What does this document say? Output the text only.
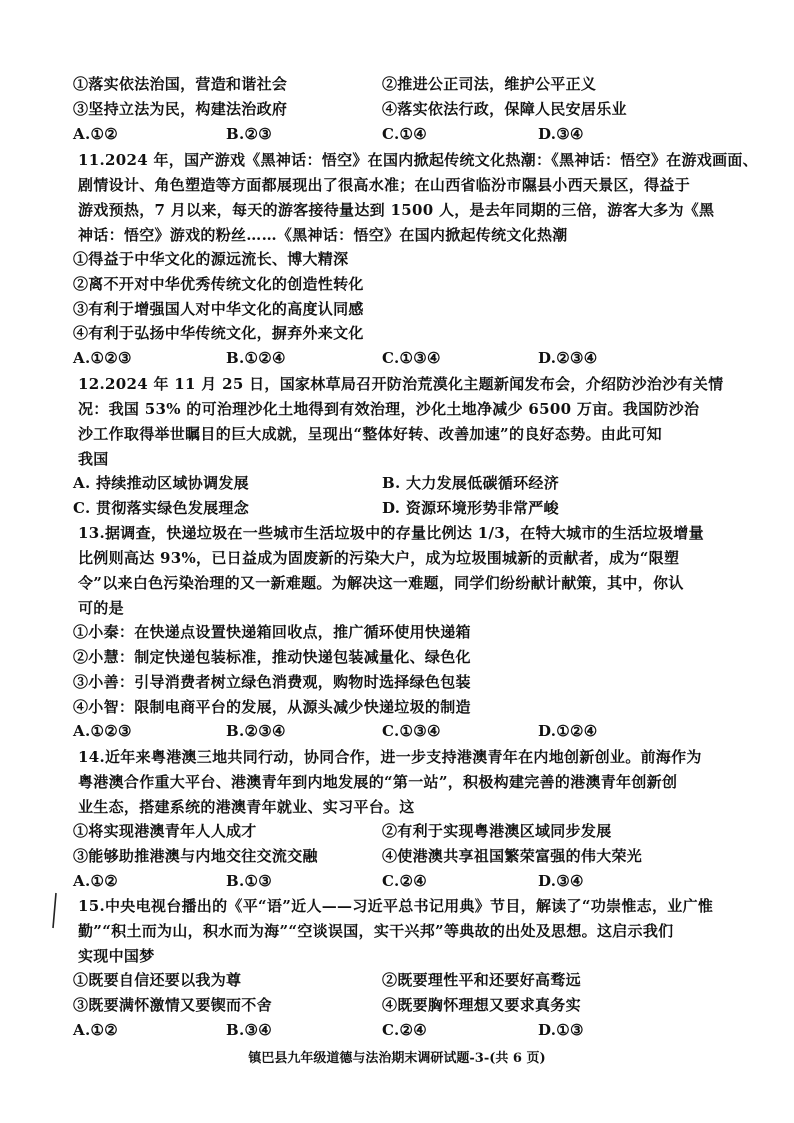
①落实依法治国，营造和谐社会	②推进公正司法，维护公平正义
③坚持立法为民，构建法治政府	④落实依法行政，保障人民安居乐业
A.①②	B.②③	C.①④	D.③④
11.2024 年，国产游戏《黑神话：悟空》在国内掀起传统文化热潮：《黑神话：悟空》在游戏画面、
剧情设计、角色塑造等方面都展现出了很高水准；在山西省临汾市隰县小西天景区，得益于
游戏预热，7 月以来，每天的游客接待量达到 1500 人，是去年同期的三倍，游客大多为《黑
神话：悟空》游戏的粉丝……《黑神话：悟空》在国内掀起传统文化热潮
①得益于中华文化的源远流长、博大精深
②离不开对中华优秀传统文化的创造性转化
③有利于增强国人对中华文化的高度认同感
④有利于弘扬中华传统文化，摒弃外来文化
A.①②③	B.①②④	C.①③④	D.②③④
12.2024 年 11 月 25 日，国家林草局召开防治荒漠化主题新闻发布会，介绍防沙治沙有关情
况：我国 53% 的可治理沙化土地得到有效治理，沙化土地净减少 6500 万亩。我国防沙治
沙工作取得举世瞩目的巨大成就，呈现出“整体好转、改善加速”的良好态势。由此可知
我国
A. 持续推动区域协调发展	B. 大力发展低碳循环经济
C. 贯彻落实绿色发展理念	D. 资源环境形势非常严峻
13.据调查，快递垃圾在一些城市生活垃圾中的存量比例达 1/3，在特大城市的生活垃圾增量
比例则高达 93%，已日益成为固废新的污染大户，成为垃圾围城新的贡献者，成为“限塑
令”以来白色污染治理的又一新难题。为解决这一难题，同学们纷纷献计献策，其中，你认
可的是
①小秦：在快递点设置快递箱回收点，推广循环使用快递箱
②小慧：制定快递包装标准，推动快递包装减量化、绿色化
③小善：引导消费者树立绿色消费观，购物时选择绿色包装
④小智：限制电商平台的发展，从源头减少快递垃圾的制造
A.①②③	B.②③④	C.①③④	D.①②④
14.近年来粤港澳三地共同行动，协同合作，进一步支持港澳青年在内地创新创业。前海作为
粤港澳合作重大平台、港澳青年到内地发展的“第一站”，积极构建完善的港澳青年创新创
业生态，搭建系统的港澳青年就业、实习平台。这
①将实现港澳青年人人成才	②有利于实现粤港澳区域同步发展
③能够助推港澳与内地交往交流交融	④使港澳共享祖国繁荣富强的伟大荣光
A.①②	B.①③	C.②④	D.③④
15.中央电视台播出的《平“语”近人——习近平总书记用典》节目，解读了“功崇惟志，业广惟
勤”“积土而为山，积水而为海”“空谈误国，实干兴邦”等典故的出处及思想。这启示我们
实现中国梦
①既要自信还要以我为尊	②既要理性平和还要好高骛远
③既要满怀激情又要锲而不舍	④既要胸怀理想又要求真务实
A.①②	B.③④	C.②④	D.①③
镇巴县九年级道德与法治期末调研试题-3-(共 6 页)
